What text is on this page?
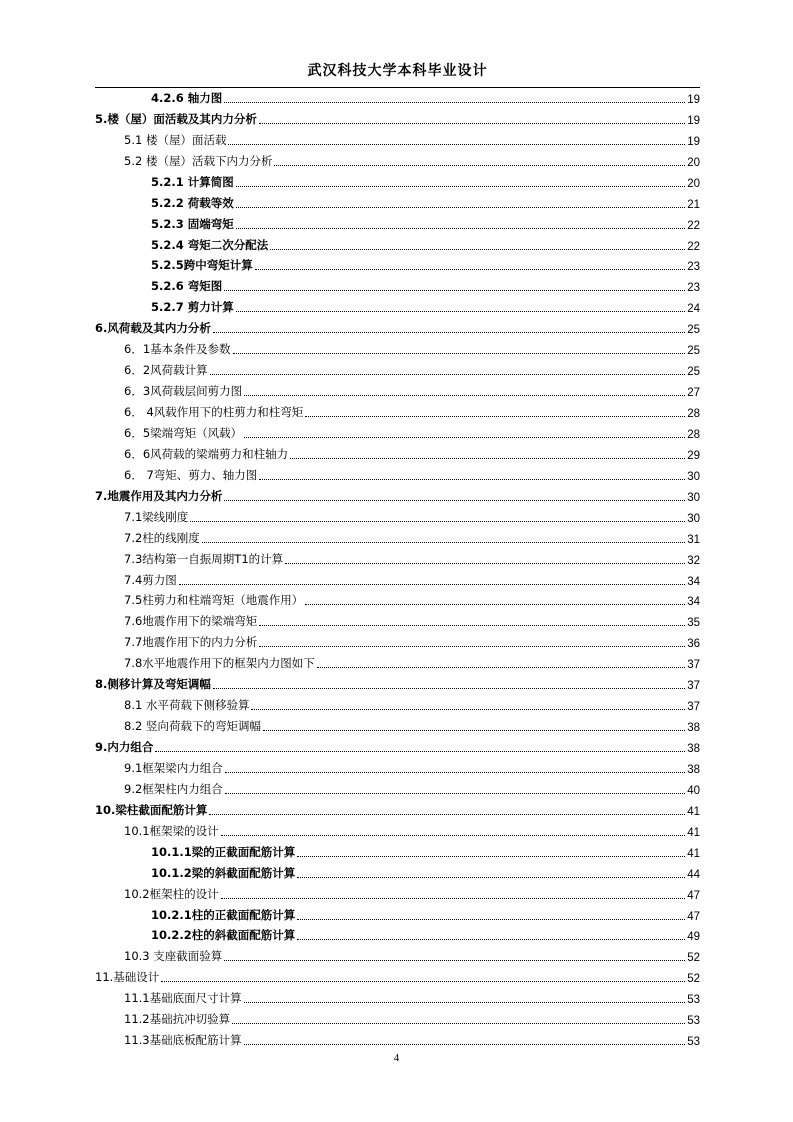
武汉科技大学本科毕业设计
4.2.6 轴力图	19
5.楼（屋）面活载及其内力分析	19
5.1 楼（屋）面活载	19
5.2 楼（屋）活载下内力分析	20
5.2.1 计算简图	20
5.2.2 荷载等效	21
5.2.3 固端弯矩	22
5.2.4 弯矩二次分配法	22
5.2.5跨中弯矩计算	23
5.2.6 弯矩图	23
5.2.7 剪力计算	24
6.风荷载及其内力分析	25
6．1基本条件及参数	25
6．2风荷载计算	25
6．3风荷载层间剪力图	27
6． 4风载作用下的柱剪力和柱弯矩	28
6．5梁端弯矩（风载）	28
6．6风荷载的梁端剪力和柱轴力	29
6． 7弯矩、剪力、轴力图	30
7.地震作用及其内力分析	30
7.1梁线刚度	30
7.2柱的线刚度	31
7.3结构第一自振周期T1的计算	32
7.4剪力图	34
7.5柱剪力和柱端弯矩（地震作用）	34
7.6地震作用下的梁端弯矩	35
7.7地震作用下的内力分析	36
7.8水平地震作用下的框架内力图如下	37
8.侧移计算及弯矩调幅	37
8.1 水平荷载下侧移验算	37
8.2 竖向荷载下的弯矩调幅	38
9.内力组合	38
9.1框架梁内力组合	38
9.2框架柱内力组合	40
10.梁柱截面配筋计算	41
10.1框架梁的设计	41
10.1.1梁的正截面配筋计算	41
10.1.2梁的斜截面配筋计算	44
10.2框架柱的设计	47
10.2.1柱的正截面配筋计算	47
10.2.2柱的斜截面配筋计算	49
10.3 支座截面验算	52
11.基础设计	52
11.1基础底面尺寸计算	53
11.2基础抗冲切验算	53
11.3基础底板配筋计算	53
4
